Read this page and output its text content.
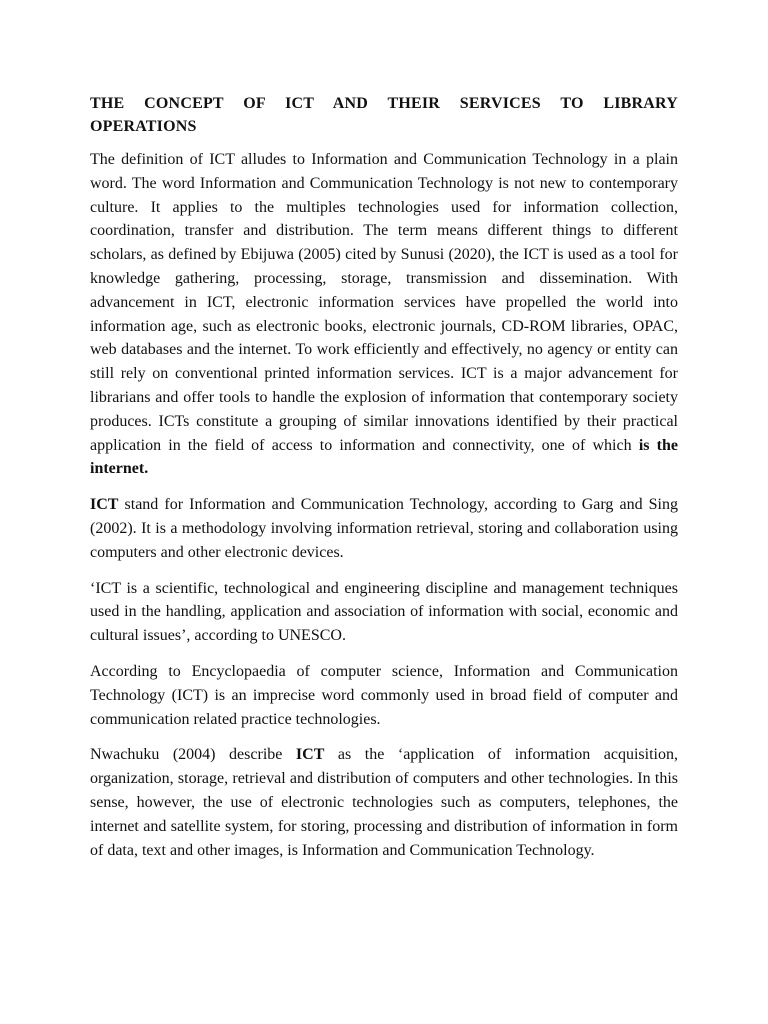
THE CONCEPT OF ICT AND THEIR SERVICES TO LIBRARY OPERATIONS

The definition of ICT alludes to Information and Communication Technology in a plain word. The word Information and Communication Technology is not new to contemporary culture. It applies to the multiples technologies used for information collection, coordination, transfer and distribution. The term means different things to different scholars, as defined by Ebijuwa (2005) cited by Sunusi (2020), the ICT is used as a tool for knowledge gathering, processing, storage, transmission and dissemination. With advancement in ICT, electronic information services have propelled the world into information age, such as electronic books, electronic journals, CD-ROM libraries, OPAC, web databases and the internet. To work efficiently and effectively, no agency or entity can still rely on conventional printed information services. ICT is a major advancement for librarians and offer tools to handle the explosion of information that contemporary society produces. ICTs constitute a grouping of similar innovations identified by their practical application in the field of access to information and connectivity, one of which is the internet.

ICT stand for Information and Communication Technology, according to Garg and Sing (2002). It is a methodology involving information retrieval, storing and collaboration using computers and other electronic devices.

‘ICT is a scientific, technological and engineering discipline and management techniques used in the handling, application and association of information with social, economic and cultural issues’, according to UNESCO.

According to Encyclopaedia of computer science, Information and Communication Technology (ICT) is an imprecise word commonly used in broad field of computer and communication related practice technologies.

Nwachuku (2004) describe ICT as the ‘application of information acquisition, organization, storage, retrieval and distribution of computers and other technologies. In this sense, however, the use of electronic technologies such as computers, telephones, the internet and satellite system, for storing, processing and distribution of information in form of data, text and other images, is Information and Communication Technology.
